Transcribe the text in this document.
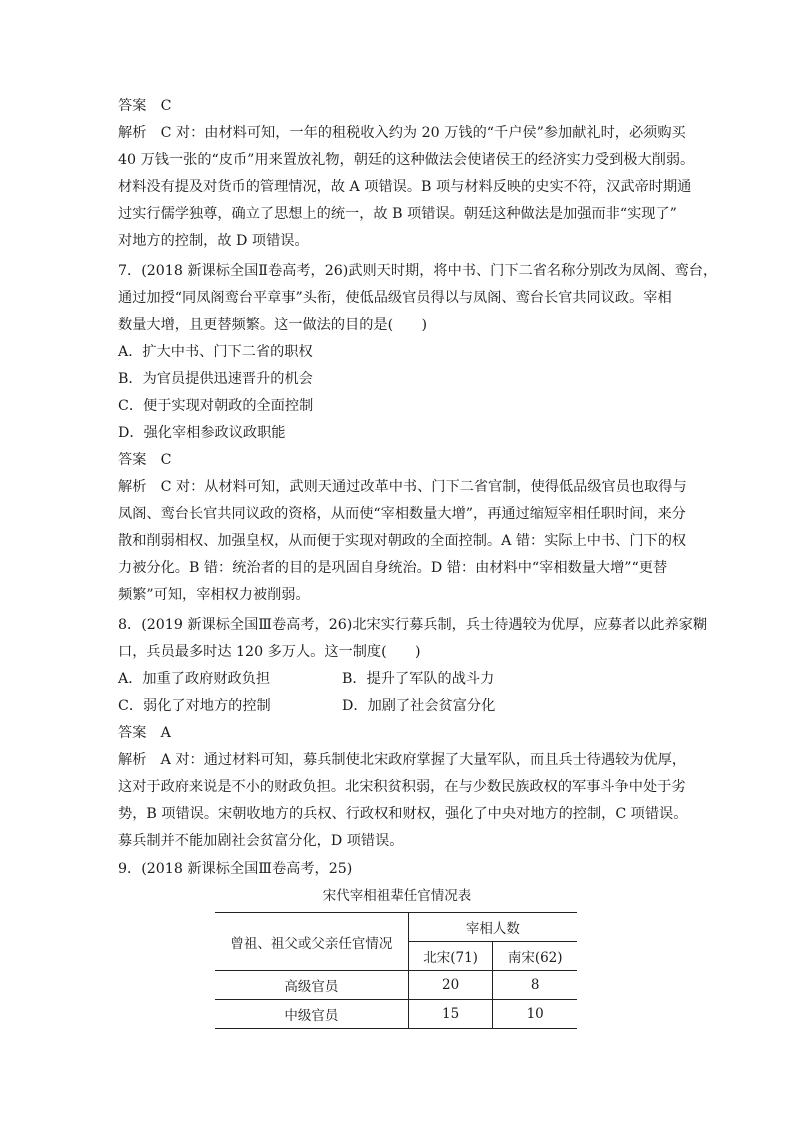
答案　C
解析　C 对：由材料可知，一年的租税收入约为 20 万钱的“千户侯”参加献礼时，必须购买
40 万钱一张的“皮币”用来置放礼物，朝廷的这种做法会使诸侯王的经济实力受到极大削弱。
材料没有提及对货币的管理情况，故 A 项错误。B 项与材料反映的史实不符，汉武帝时期通
过实行儒学独尊，确立了思想上的统一，故 B 项错误。朝廷这种做法是加强而非“实现了”
对地方的控制，故 D 项错误。
7．(2018 新课标全国Ⅱ卷高考，26)武则天时期，将中书、门下二省名称分别改为凤阁、鸾台，
通过加授“同凤阁鸾台平章事”头衔，使低品级官员得以与凤阁、鸾台长官共同议政。宰相
数量大增，且更替频繁。这一做法的目的是(　　)
A．扩大中书、门下二省的职权
B．为官员提供迅速晋升的机会
C．便于实现对朝政的全面控制
D．强化宰相参政议政职能
答案　C
解析　C 对：从材料可知，武则天通过改革中书、门下二省官制，使得低品级官员也取得与
凤阁、鸾台长官共同议政的资格，从而使“宰相数量大增”，再通过缩短宰相任职时间，来分
散和削弱相权、加强皇权，从而便于实现对朝政的全面控制。A 错：实际上中书、门下的权
力被分化。B 错：统治者的目的是巩固自身统治。D 错：由材料中“宰相数量大增”“更替
频繁”可知，宰相权力被削弱。
8．(2019 新课标全国Ⅲ卷高考，26)北宋实行募兵制，兵士待遇较为优厚，应募者以此养家糊
口，兵员最多时达 120 多万人。这一制度(　　)
A．加重了政府财政负担	B．提升了军队的战斗力
C．弱化了对地方的控制	D．加剧了社会贫富分化
答案　A
解析　A 对：通过材料可知，募兵制使北宋政府掌握了大量军队，而且兵士待遇较为优厚，
这对于政府来说是不小的财政负担。北宋积贫积弱，在与少数民族政权的军事斗争中处于劣
势，B 项错误。宋朝收地方的兵权、行政权和财权，强化了中央对地方的控制，C 项错误。
募兵制并不能加剧社会贫富分化，D 项错误。
9．(2018 新课标全国Ⅲ卷高考，25)
宋代宰相祖辈任官情况表
曾祖、祖父或父亲任官情况	宰相人数	
	北宋(71)	南宋(62)
高级官员	20	8
中级官员	15	10
